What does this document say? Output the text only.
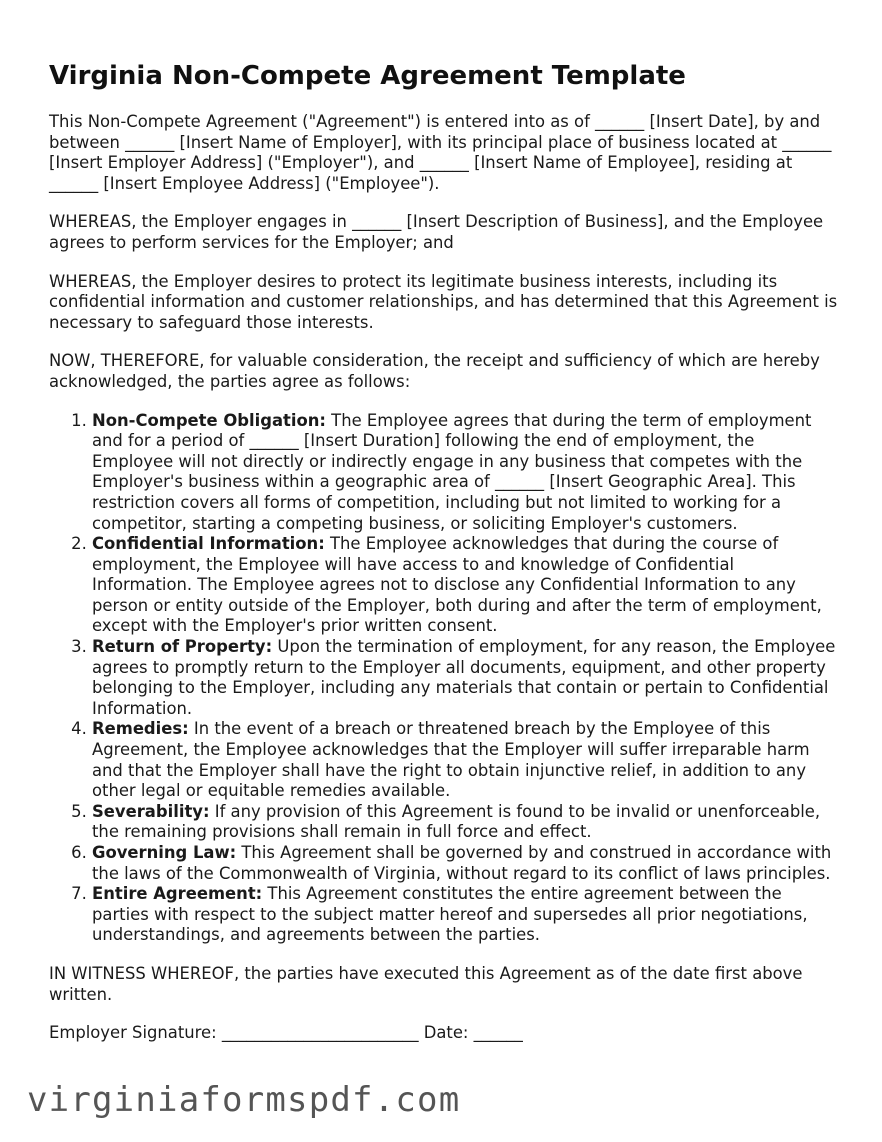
Virginia Non-Compete Agreement Template

This Non-Compete Agreement ("Agreement") is entered into as of ______ [Insert Date], by and between ______ [Insert Name of Employer], with its principal place of business located at ______ [Insert Employer Address] ("Employer"), and ______ [Insert Name of Employee], residing at ______ [Insert Employee Address] ("Employee").

WHEREAS, the Employer engages in ______ [Insert Description of Business], and the Employee agrees to perform services for the Employer; and

WHEREAS, the Employer desires to protect its legitimate business interests, including its confidential information and customer relationships, and has determined that this Agreement is necessary to safeguard those interests.

NOW, THEREFORE, for valuable consideration, the receipt and sufficiency of which are hereby acknowledged, the parties agree as follows:

1. Non-Compete Obligation: The Employee agrees that during the term of employment and for a period of ______ [Insert Duration] following the end of employment, the Employee will not directly or indirectly engage in any business that competes with the Employer's business within a geographic area of ______ [Insert Geographic Area]. This restriction covers all forms of competition, including but not limited to working for a competitor, starting a competing business, or soliciting Employer's customers.
2. Confidential Information: The Employee acknowledges that during the course of employment, the Employee will have access to and knowledge of Confidential Information. The Employee agrees not to disclose any Confidential Information to any person or entity outside of the Employer, both during and after the term of employment, except with the Employer's prior written consent.
3. Return of Property: Upon the termination of employment, for any reason, the Employee agrees to promptly return to the Employer all documents, equipment, and other property belonging to the Employer, including any materials that contain or pertain to Confidential Information.
4. Remedies: In the event of a breach or threatened breach by the Employee of this Agreement, the Employee acknowledges that the Employer will suffer irreparable harm and that the Employer shall have the right to obtain injunctive relief, in addition to any other legal or equitable remedies available.
5. Severability: If any provision of this Agreement is found to be invalid or unenforceable, the remaining provisions shall remain in full force and effect.
6. Governing Law: This Agreement shall be governed by and construed in accordance with the laws of the Commonwealth of Virginia, without regard to its conflict of laws principles.
7. Entire Agreement: This Agreement constitutes the entire agreement between the parties with respect to the subject matter hereof and supersedes all prior negotiations, understandings, and agreements between the parties.

IN WITNESS WHEREOF, the parties have executed this Agreement as of the date first above written.

Employer Signature: ________________________ Date: ______
virginiaformspdf.com
